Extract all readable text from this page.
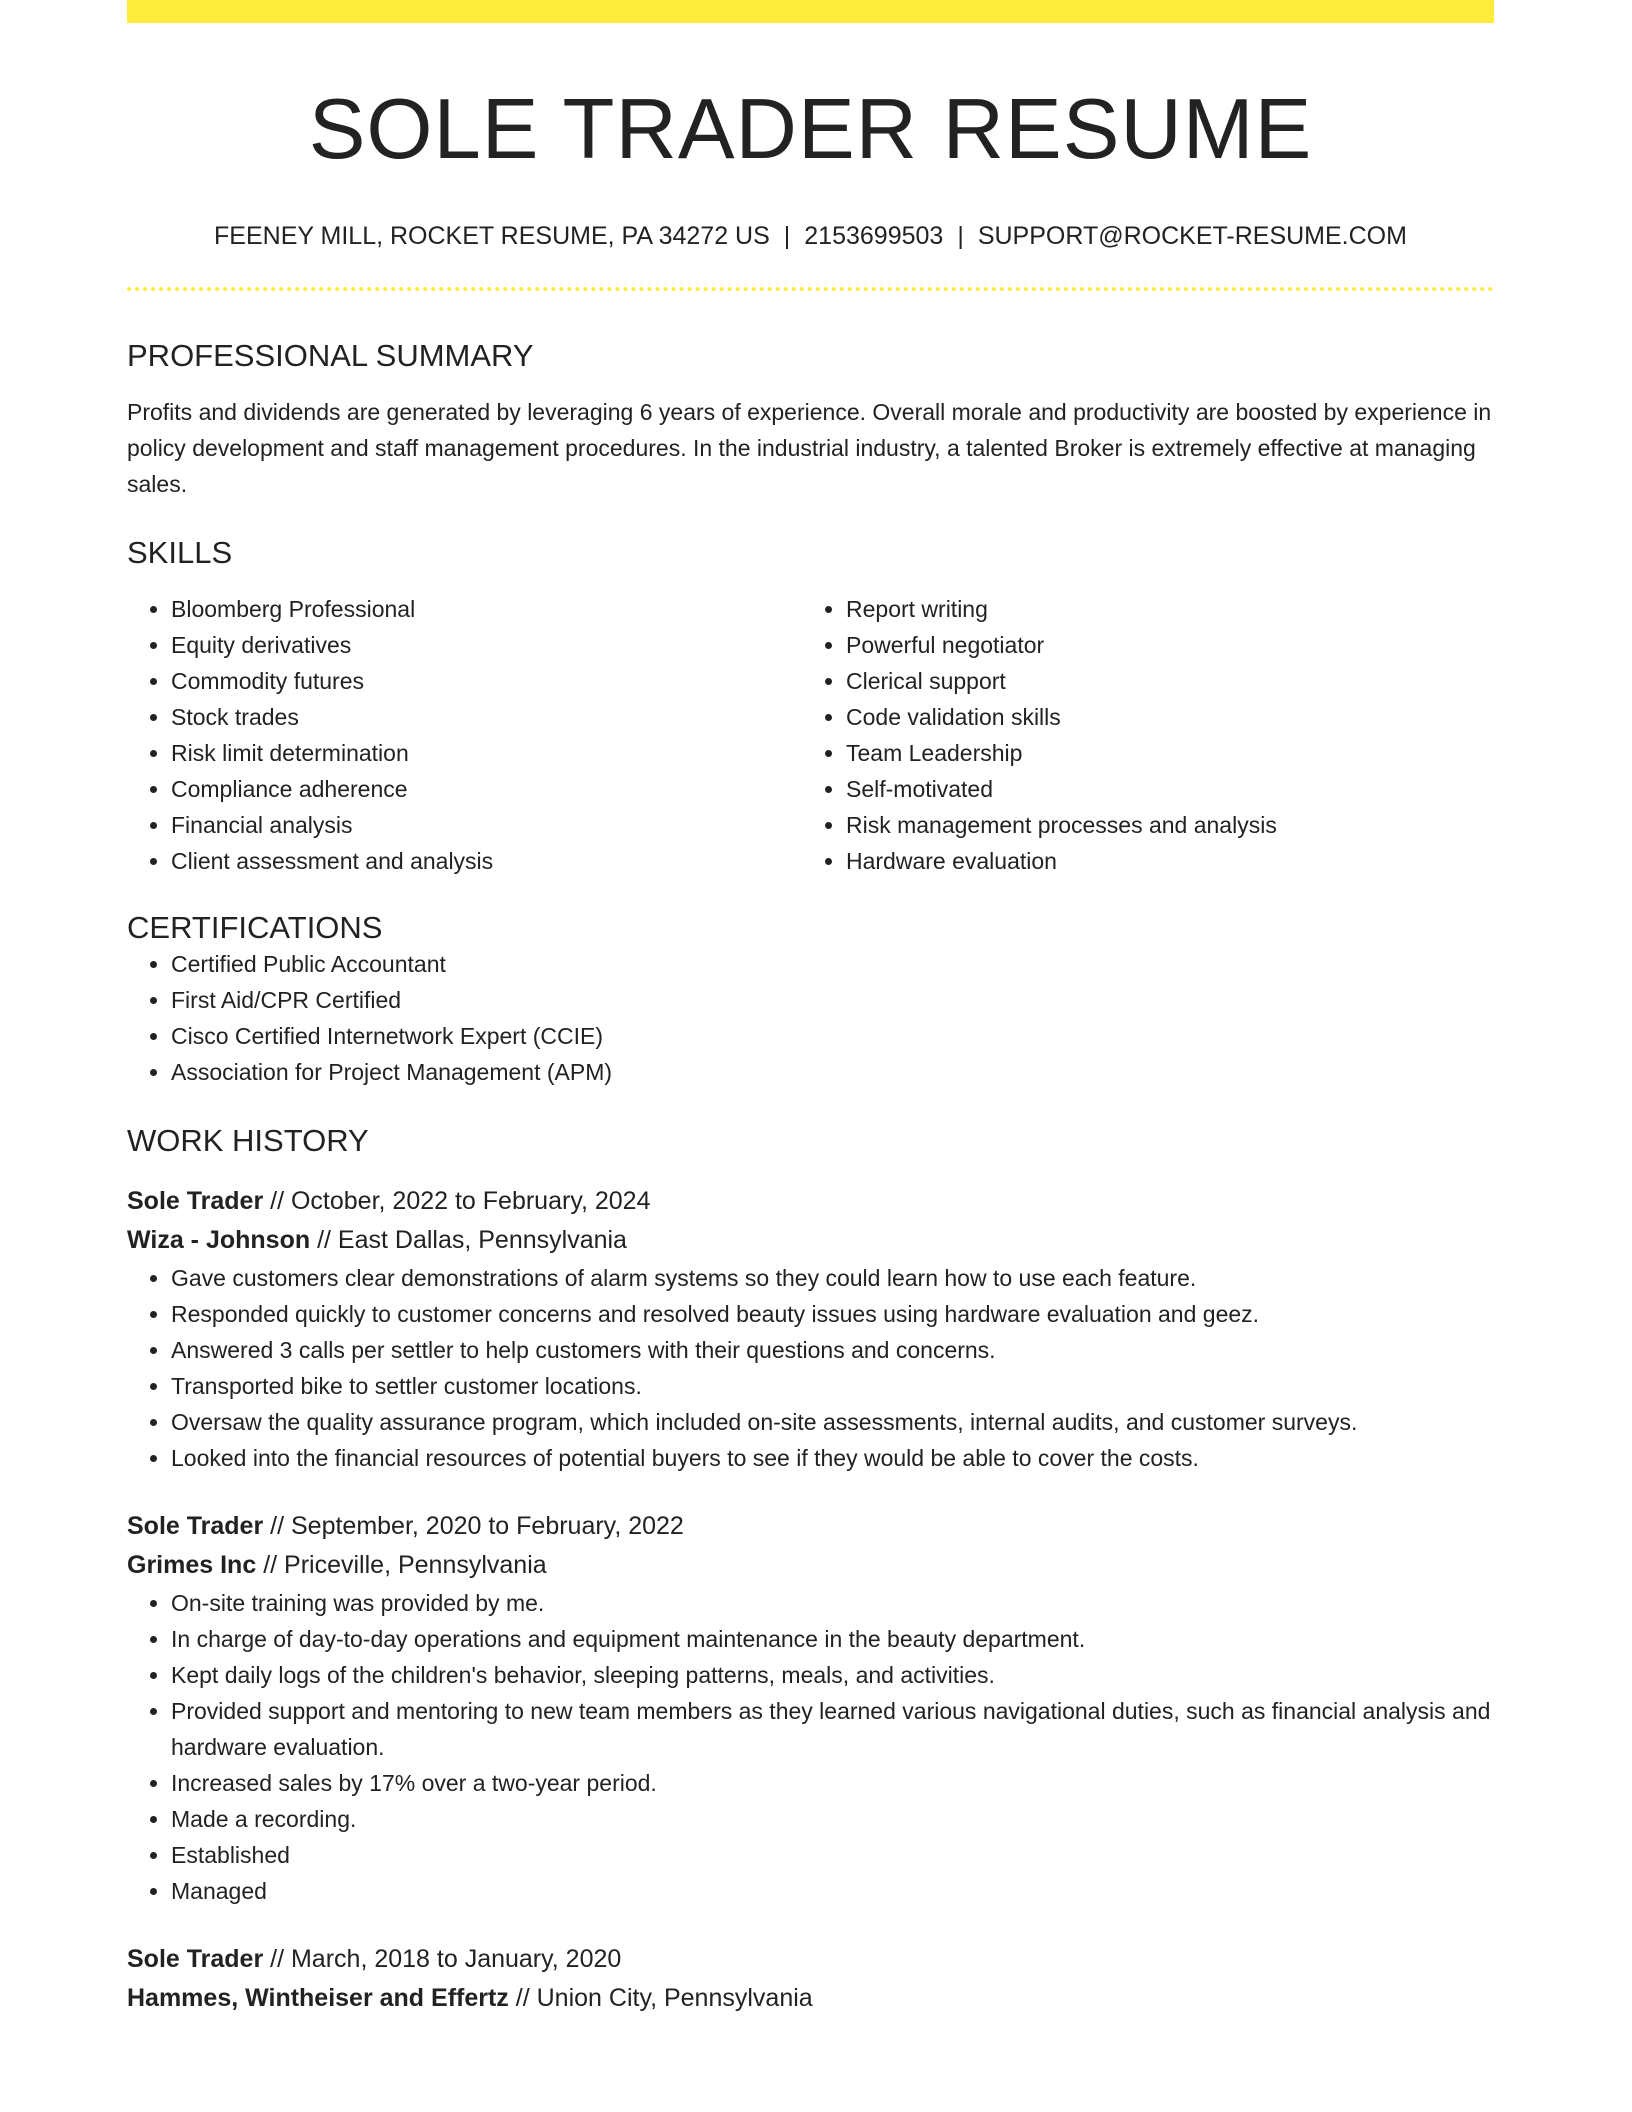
SOLE TRADER RESUME
FEENEY MILL, ROCKET RESUME, PA 34272 US | 2153699503 | SUPPORT@ROCKET-RESUME.COM
PROFESSIONAL SUMMARY

Profits and dividends are generated by leveraging 6 years of experience. Overall morale and productivity are boosted by experience in policy development and staff management procedures. In the industrial industry, a talented Broker is extremely effective at managing sales.

SKILLS
• Bloomberg Professional
• Equity derivatives
• Commodity futures
• Stock trades
• Risk limit determination
• Compliance adherence
• Financial analysis
• Client assessment and analysis
• Report writing
• Powerful negotiator
• Clerical support
• Code validation skills
• Team Leadership
• Self-motivated
• Risk management processes and analysis
• Hardware evaluation
CERTIFICATIONS
• Certified Public Accountant
• First Aid/CPR Certified
• Cisco Certified Internetwork Expert (CCIE)
• Association for Project Management (APM)
WORK HISTORY
Sole Trader // October, 2022 to February, 2024
Wiza - Johnson // East Dallas, Pennsylvania
• Gave customers clear demonstrations of alarm systems so they could learn how to use each feature.
• Responded quickly to customer concerns and resolved beauty issues using hardware evaluation and geez.
• Answered 3 calls per settler to help customers with their questions and concerns.
• Transported bike to settler customer locations.
• Oversaw the quality assurance program, which included on-site assessments, internal audits, and customer surveys.
• Looked into the financial resources of potential buyers to see if they would be able to cover the costs.
Sole Trader // September, 2020 to February, 2022
Grimes Inc // Priceville, Pennsylvania
• On-site training was provided by me.
• In charge of day-to-day operations and equipment maintenance in the beauty department.
• Kept daily logs of the children's behavior, sleeping patterns, meals, and activities.
• Provided support and mentoring to new team members as they learned various navigational duties, such as financial analysis and hardware evaluation.
• Increased sales by 17% over a two-year period.
• Made a recording.
• Established
• Managed
Sole Trader // March, 2018 to January, 2020
Hammes, Wintheiser and Effertz // Union City, Pennsylvania
